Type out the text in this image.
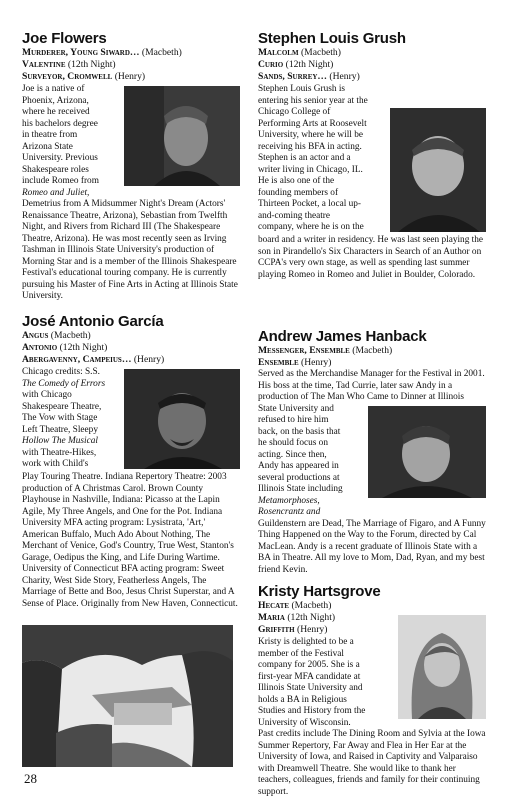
Joe Flowers

Murderer, Young Siward… (Macbeth)

Valentine (12th Night)

Surveyor, Cromwell (Henry)

Joe is a native of
Phoenix, Arizona,
where he received
his bachelors degree
in theatre from
Arizona State
University. Previous
Shakespeare roles
include Romeo from
Romeo and Juliet,

Demetrius from A Midsummer Night's Dream (Actors' Renaissance Theatre, Arizona), Sebastian from Twelfth Night, and Rivers from Richard III (The Shakespeare Theatre, Arizona). He was most recently seen as Irving Tashman in Illinois State University's production of Morning Star and is a member of the Illinois Shakespeare Festival's educational touring company. He is currently pursuing his Master of Fine Arts in Acting at Illinois State University.

José Antonio García

Angus (Macbeth)

Antonio (12th Night)

Abergavenny, Campeius… (Henry)

Chicago credits: S.S.
The Comedy of Errors
with Chicago
Shakespeare Theatre,
The Vow with Stage
Left Theatre, Sleepy
Hollow The Musical
with Theatre-Hikes,
work with Child's

Play Touring Theatre. Indiana Repertory Theatre: 2003 production of A Christmas Carol. Brown County Playhouse in Nashville, Indiana: Picasso at the Lapin Agile, My Three Angels, and One for the Pot. Indiana University MFA acting program: Lysistrata, 'Art,' American Buffalo, Much Ado About Nothing, The Merchant of Venice, God's Country, True West, Stanton's Garage, Oedipus the King, and Life During Wartime. University of Connecticut BFA acting program: Sweet Charity, West Side Story, Featherless Angels, The Marriage of Bette and Boo, Jesus Christ Superstar, and A Sense of Place. Originally from New Haven, Connecticut.

Stephen Louis Grush

Malcolm (Macbeth)

Curio (12th Night)

Sands, Surrey… (Henry)

Stephen Louis Grush is
entering his senior year at the
Chicago College of
Performing Arts at Roosevelt
University, where he will be
receiving his BFA in acting.
Stephen is an actor and a
writer living in Chicago, IL.
He is also one of the
founding members of
Thirteen Pocket, a local up-
and-coming theatre
company, where he is on the

board and a writer in residency. He was last seen playing the son in Pirandello's Six Characters in Search of an Author on CCPA's very own stage, as well as spending last summer playing Romeo in Romeo and Juliet in Boulder, Colorado.

Andrew James Hanback

Messenger, Ensemble (Macbeth)

Ensemble (Henry)

Served as the Merchandise Manager for the Festival in 2001. His boss at the time, Tad Currie, later saw Andy in a production of The Man Who Came to Dinner at Illinois

State University and
refused to hire him
back, on the basis that
he should focus on
acting. Since then,
Andy has appeared in
several productions at
Illinois State including
Metamorphoses,
Rosencrantz and

Guildenstern are Dead, The Marriage of Figaro, and A Funny Thing Happened on the Way to the Forum, directed by Cal MacLean. Andy is a recent graduate of Illinois State with a BA in Theatre. All my love to Mom, Dad, Ryan, and my best friend Kevin.

Kristy Hartsgrove

Hecate (Macbeth)

Maria (12th Night)

Griffith (Henry)

Kristy is delighted to be a
member of the Festival
company for 2005. She is a
first-year MFA candidate at
Illinois State University and
holds a BA in Religious
Studies and History from the
University of Wisconsin.

Past credits include The Dining Room and Sylvia at the Iowa Summer Repertory, Far Away and Flea in Her Ear at the University of Iowa, and Raised in Captivity and Valparaiso with Dreamwell Theatre. She would like to thank her teachers, colleagues, friends and family for their continuing support.

28
